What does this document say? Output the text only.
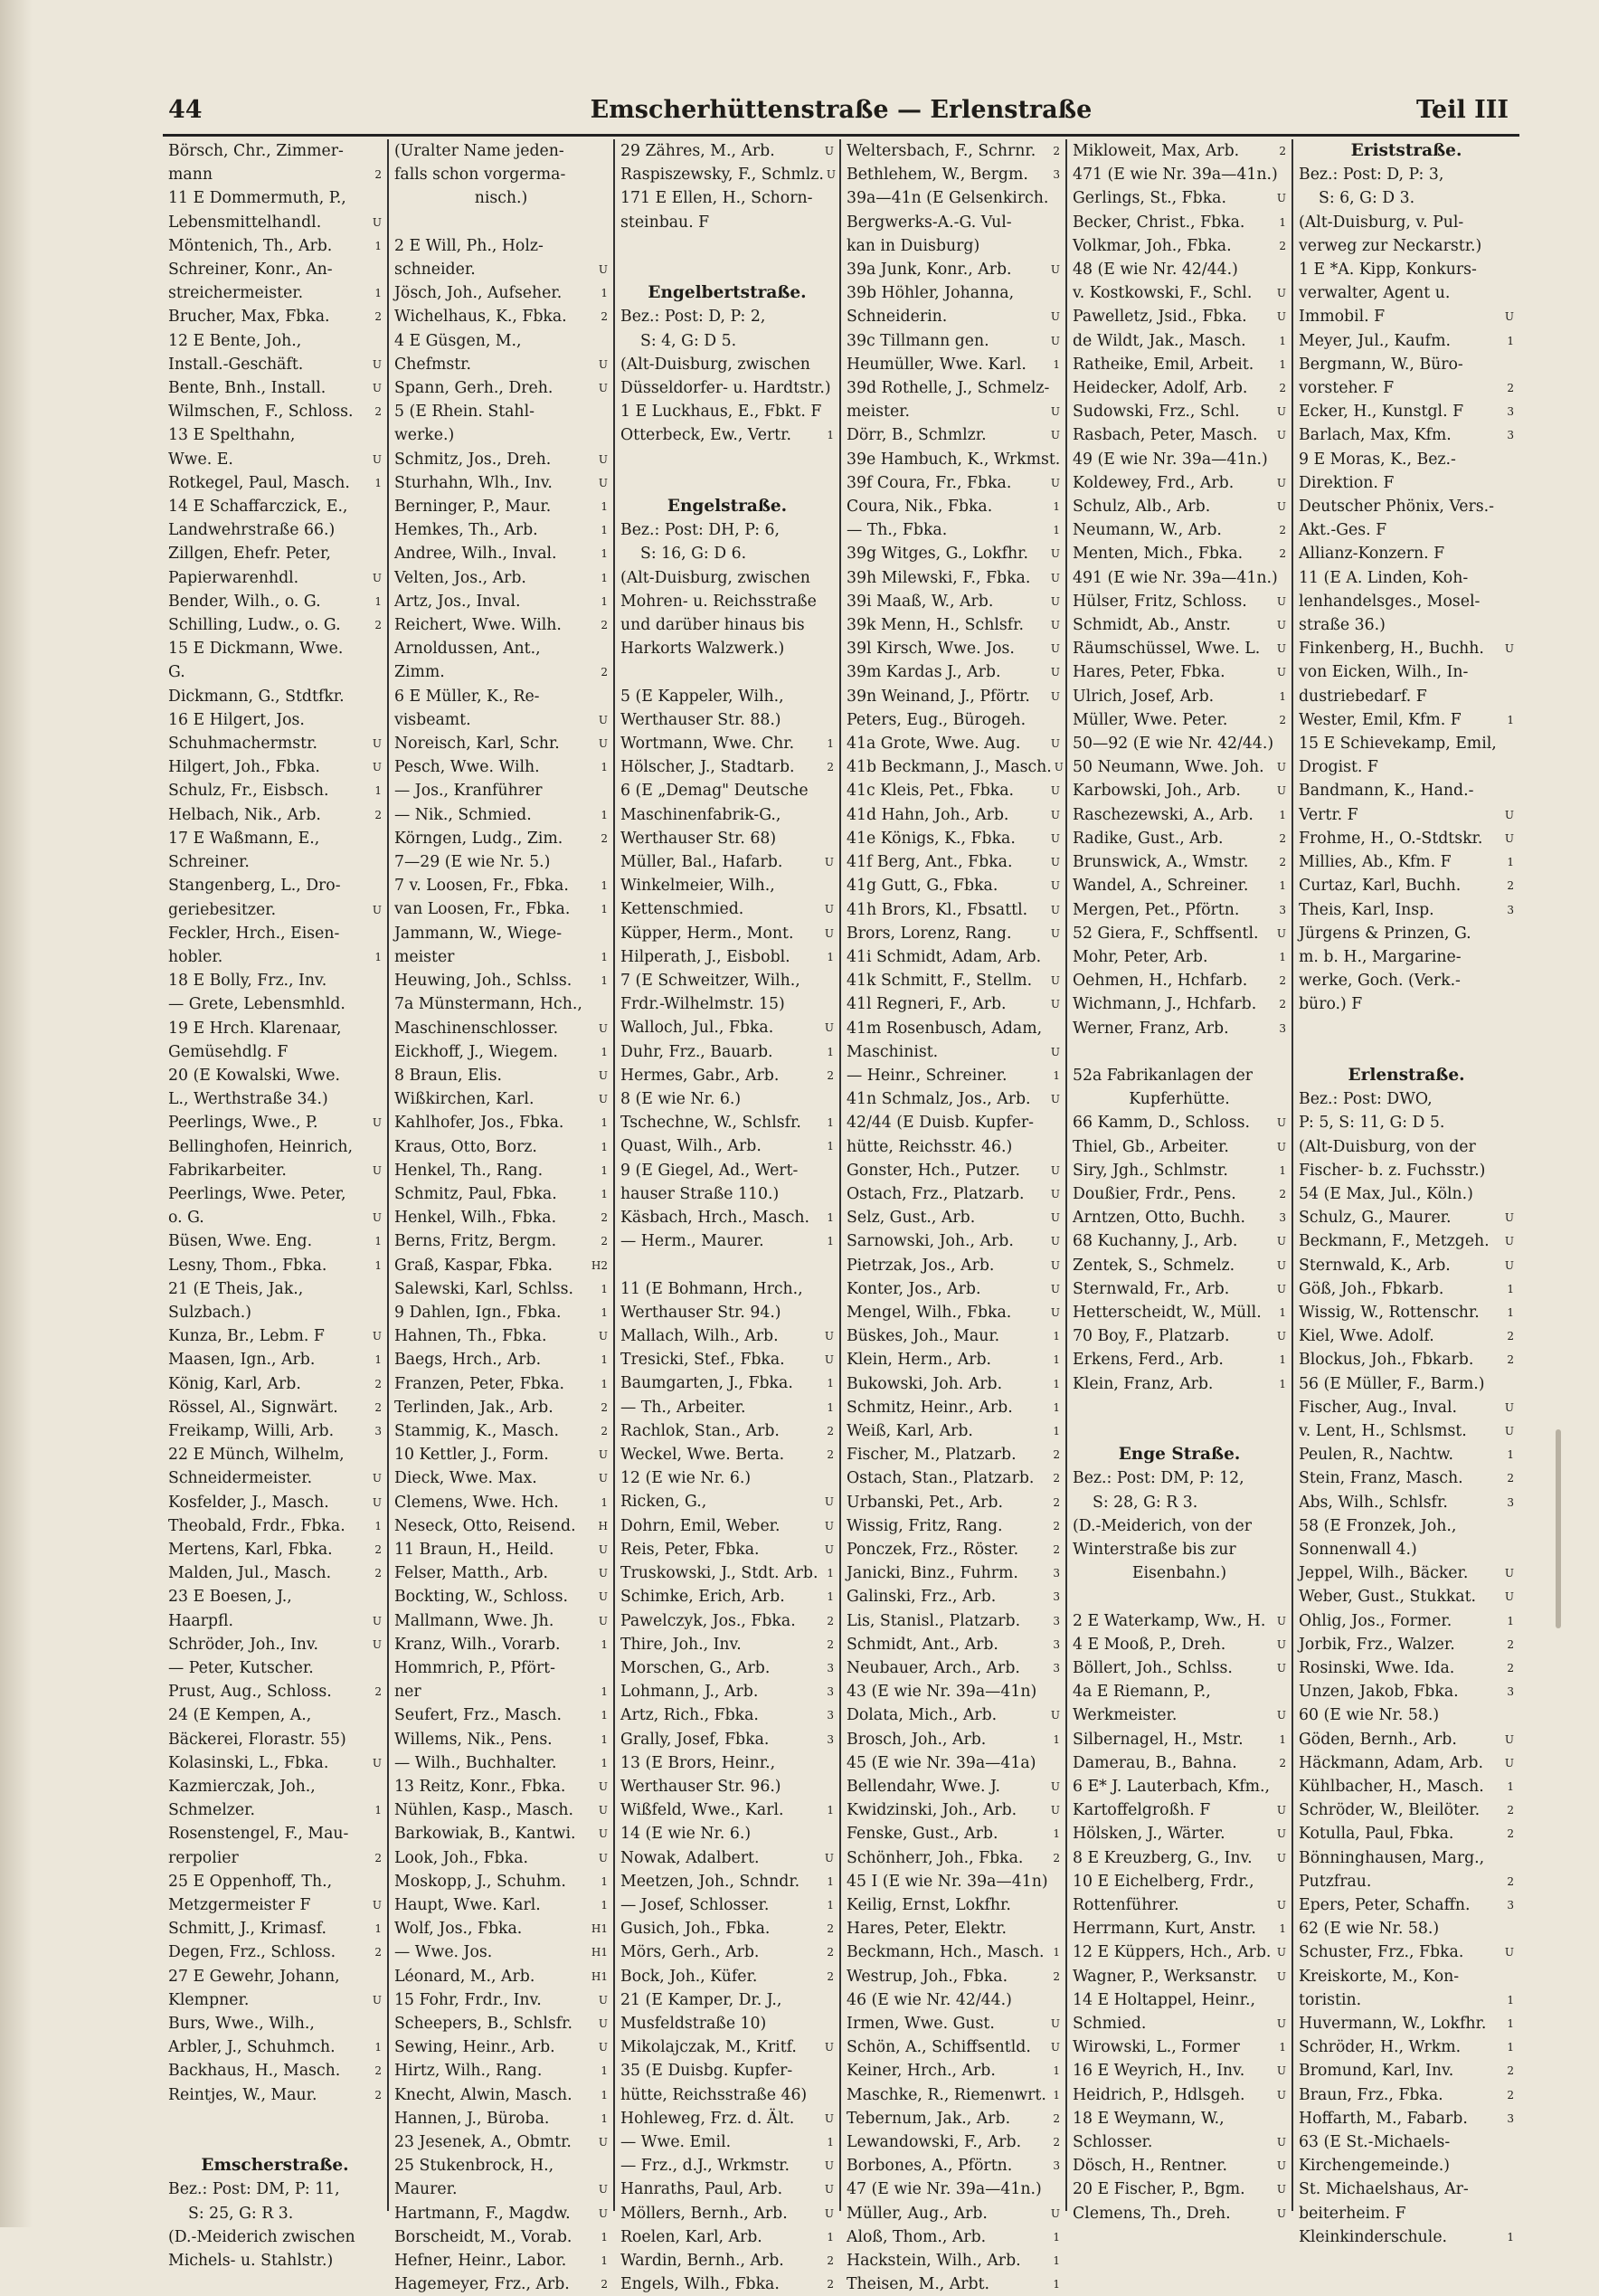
44	Emscherhüttenstraße — Erlenstraße	Teil III
Börsch, Chr., Zimmer-
mann	2
11 E Dommermuth, P.,
Lebensmittelhandl.	U
Möntenich, Th., Arb.	1
Schreiner, Konr., An-
streichermeister.	1
Brucher, Max, Fbka.	2
12 E Bente, Joh.,
Install.-Geschäft.	U
Bente, Bnh., Install.	U
Wilmschen, F., Schloss.	2
13 E Spelthahn,
Wwe. E.	U
Rotkegel, Paul, Masch.	1
14 E Schaffarczick, E.,
Landwehrstraße 66.)
Zillgen, Ehefr. Peter,
Papierwarenhdl.	U
Bender, Wilh., o. G.	1
Schilling, Ludw., o. G.	2
15 E Dickmann, Wwe.
G.
Dickmann, G., Stdtfkr.
16 E Hilgert, Jos.
Schuhmachermstr.	U
Hilgert, Joh., Fbka.	U
Schulz, Fr., Eisbsch.	1
Helbach, Nik., Arb.	2
17 E Waßmann, E.,
Schreiner.
Stangenberg, L., Dro-
geriebesitzer.	U
Feckler, Hrch., Eisen-
hobler.	1
18 E Bolly, Frz., Inv.
— Grete, Lebensmhld.
19 E Hrch. Klarenaar,
Gemüsehdlg. F
20 (E Kowalski, Wwe.
L., Werthstraße 34.)
Peerlings, Wwe., P.	U
Bellinghofen, Heinrich,
Fabrikarbeiter.	U
Peerlings, Wwe. Peter,
o. G.	U
Büsen, Wwe. Eng.	1
Lesny, Thom., Fbka.	1
21 (E Theis, Jak.,
Sulzbach.)
Kunza, Br., Lebm. F	U
Maasen, Ign., Arb.	1
König, Karl, Arb.	2
Rössel, Al., Signwärt.	2
Freikamp, Willi, Arb.	3
22 E Münch, Wilhelm,
Schneidermeister.	U
Kosfelder, J., Masch.	U
Theobald, Frdr., Fbka.	1
Mertens, Karl, Fbka.	2
Malden, Jul., Masch.	2
23 E Boesen, J.,
Haarpfl.	U
Schröder, Joh., Inv.	U
— Peter, Kutscher.
Prust, Aug., Schloss.	2
24 (E Kempen, A.,
Bäckerei, Florastr. 55)
Kolasinski, L., Fbka.	U
Kazmierczak, Joh.,
Schmelzer.	1
Rosenstengel, F., Mau-
rerpolier	2
25 E Oppenhoff, Th.,
Metzgermeister F	U
Schmitt, J., Krimasf.	1
Degen, Frz., Schloss.	2
27 E Gewehr, Johann,
Klempner.	U
Burs, Wwe., Wilh.,
Arbler, J., Schuhmch.	1
Backhaus, H., Masch.	2
Reintjes, W., Maur.	2
Emscherstraße.
Bez.: Post: DM, P: 11,
S: 25, G: R 3.
(D.-Meiderich zwischen
Michels- u. Stahlstr.)
(Uralter Name jeden-
falls schon vorgerma-
nisch.)
2 E Will, Ph., Holz-
schneider.	U
Jösch, Joh., Aufseher.	1
Wichelhaus, K., Fbka.	2
4 E Güsgen, M.,
Chefmstr.	U
Spann, Gerh., Dreh.	U
5 (E Rhein. Stahl-
werke.)
Schmitz, Jos., Dreh.	U
Sturhahn, Wlh., Inv.	U
Berninger, P., Maur.	1
Hemkes, Th., Arb.	1
Andree, Wilh., Inval.	1
Velten, Jos., Arb.	1
Artz, Jos., Inval.	1
Reichert, Wwe. Wilh.	2
Arnoldussen, Ant.,
Zimm.	2
6 E Müller, K., Re-
visbeamt.	U
Noreisch, Karl, Schr.	U
Pesch, Wwe. Wilh.	1
— Jos., Kranführer
— Nik., Schmied.	1
Körngen, Ludg., Zim.	2
7—29 (E wie Nr. 5.)
7 v. Loosen, Fr., Fbka.	1
van Loosen, Fr., Fbka.	1
Jammann, W., Wiege-
meister	1
Heuwing, Joh., Schlss.	1
7a Münstermann, Hch.,
Maschinenschlosser.	U
Eickhoff, J., Wiegem.	1
8 Braun, Elis.	U
Wißkirchen, Karl.	U
Kahlhofer, Jos., Fbka.	1
Kraus, Otto, Borz.	1
Henkel, Th., Rang.	1
Schmitz, Paul, Fbka.	1
Henkel, Wilh., Fbka.	2
Berns, Fritz, Bergm.	2
Graß, Kaspar, Fbka.	H2
Salewski, Karl, Schlss.	1
9 Dahlen, Ign., Fbka.	1
Hahnen, Th., Fbka.	U
Baegs, Hrch., Arb.	1
Franzen, Peter, Fbka.	1
Terlinden, Jak., Arb.	2
Stammig, K., Masch.	2
10 Kettler, J., Form.	U
Dieck, Wwe. Max.	U
Clemens, Wwe. Hch.	1
Neseck, Otto, Reisend.	H
11 Braun, H., Heild.	U
Felser, Matth., Arb.	U
Bockting, W., Schloss.	U
Mallmann, Wwe. Jh.	U
Kranz, Wilh., Vorarb.	1
Hommrich, P., Pfört-
ner	1
Seufert, Frz., Masch.	1
Willems, Nik., Pens.	1
— Wilh., Buchhalter.	1
13 Reitz, Konr., Fbka.	U
Nühlen, Kasp., Masch.	U
Barkowiak, B., Kantwi.	U
Look, Joh., Fbka.	U
Moskopp, J., Schuhm.	1
Haupt, Wwe. Karl.	1
Wolf, Jos., Fbka.	H1
— Wwe. Jos.	H1
Léonard, M., Arb.	H1
15 Fohr, Frdr., Inv.	U
Scheepers, B., Schlsfr.	U
Sewing, Heinr., Arb.	U
Hirtz, Wilh., Rang.	1
Knecht, Alwin, Masch.	1
Hannen, J., Büroba.	1
23 Jesenek, A., Obmtr.	U
25 Stukenbrock, H.,
Maurer.	U
Hartmann, F., Magdw.	U
Borscheidt, M., Vorab.	1
Hefner, Heinr., Labor.	1
Hagemeyer, Frz., Arb.	2
29 Zähres, M., Arb.	U
Raspiszewsky, F., Schmlz. U
171 E Ellen, H., Schorn-
steinbau. F
Engelbertstraße.
Bez.: Post: D, P: 2,
S: 4, G: D 5.
(Alt-Duisburg, zwischen
Düsseldorfer- u. Hardtstr.)
1 E Luckhaus, E., Fbkt. F
Otterbeck, Ew., Vertr.	1
Engelstraße.
Bez.: Post: DH, P: 6,
S: 16, G: D 6.
(Alt-Duisburg, zwischen
Mohren- u. Reichsstraße
und darüber hinaus bis
Harkorts Walzwerk.)
5 (E Kappeler, Wilh.,
Werthauser Str. 88.)
Wortmann, Wwe. Chr.	1
Hölscher, J., Stadtarb.	2
6 (E „Demag" Deutsche
Maschinenfabrik-G.,
Werthauser Str. 68)
Müller, Bal., Hafarb.	U
Winkelmeier, Wilh.,
Kettenschmied.	U
Küpper, Herm., Mont.	U
Hilperath, J., Eisbobl.	1
7 (E Schweitzer, Wilh.,
Frdr.-Wilhelmstr. 15)
Walloch, Jul., Fbka.	U
Duhr, Frz., Bauarb.	1
Hermes, Gabr., Arb.	2
8 (E wie Nr. 6.)
Tschechne, W., Schlsfr.	1
Quast, Wilh., Arb.	1
9 (E Giegel, Ad., Wert-
hauser Straße 110.)
Käsbach, Hrch., Masch.	1
— Herm., Maurer.	1
11 (E Bohmann, Hrch.,
Werthauser Str. 94.)
Mallach, Wilh., Arb.	U
Tresicki, Stef., Fbka.	U
Baumgarten, J., Fbka.	1
— Th., Arbeiter.	1
Rachlok, Stan., Arb.	2
Weckel, Wwe. Berta.	2
12 (E wie Nr. 6.)
Ricken, G.,	U
Dohrn, Emil, Weber.	U
Reis, Peter, Fbka.	U
Truskowski, J., Stdt. Arb. 1
Schimke, Erich, Arb.	1
Pawelczyk, Jos., Fbka.	2
Thire, Joh., Inv.	2
Morschen, G., Arb.	3
Lohmann, J., Arb.	3
Artz, Rich., Fbka.	3
Grally, Josef, Fbka.	3
13 (E Brors, Heinr.,
Werthauser Str. 96.)
Wißfeld, Wwe., Karl.	1
14 (E wie Nr. 6.)
Nowak, Adalbert.	U
Meetzen, Joh., Schndr.	1
— Josef, Schlosser.	1
Gusich, Joh., Fbka.	2
Mörs, Gerh., Arb.	2
Bock, Joh., Küfer.	2
21 (E Kamper, Dr. J.,
Musfeldstraße 10)
Mikolajczak, M., Kritf.	U
35 (E Duisbg. Kupfer-
hütte, Reichsstraße 46)
Hohleweg, Frz. d. Ält.	U
— Wwe. Emil.	1
— Frz., d.J., Wrkmstr.	U
Hanraths, Paul, Arb.	U
Möllers, Bernh., Arb.	U
Roelen, Karl, Arb.	1
Wardin, Bernh., Arb.	2
Engels, Wilh., Fbka.	2
Weltersbach, F., Schrnr.	2
Bethlehem, W., Bergm.	3
39a—41n (E Gelsenkirch.
Bergwerks-A.-G. Vul-
kan in Duisburg)
39a Junk, Konr., Arb.	U
39b Höhler, Johanna,
Schneiderin.	U
39c Tillmann gen.	U
Heumüller, Wwe. Karl.	1
39d Rothelle, J., Schmelz-
meister.	U
Dörr, B., Schmlzr.	U
39e Hambuch, K., Wrkmst.
39f Coura, Fr., Fbka.	U
Coura, Nik., Fbka.	1
— Th., Fbka.	1
39g Witges, G., Lokfhr.	U
39h Milewski, F., Fbka.	U
39i Maaß, W., Arb.	U
39k Menn, H., Schlsfr.	U
39l Kirsch, Wwe. Jos.	U
39m Kardas J., Arb.	U
39n Weinand, J., Pförtr.	U
Peters, Eug., Bürogeh.
41a Grote, Wwe. Aug.	U
41b Beckmann, J., Masch. U
41c Kleis, Pet., Fbka.	U
41d Hahn, Joh., Arb.	U
41e Königs, K., Fbka.	U
41f Berg, Ant., Fbka.	U
41g Gutt, G., Fbka.	U
41h Brors, Kl., Fbsattl.	U
Brors, Lorenz, Rang.	U
41i Schmidt, Adam, Arb.
41k Schmitt, F., Stellm.	U
41l Regneri, F., Arb.	U
41m Rosenbusch, Adam,
Maschinist.	U
— Heinr., Schreiner.	1
41n Schmalz, Jos., Arb.	U
42/44 (E Duisb. Kupfer-
hütte, Reichsstr. 46.)
Gonster, Hch., Putzer.	U
Ostach, Frz., Platzarb.	U
Selz, Gust., Arb.	U
Sarnowski, Joh., Arb.	U
Pietrzak, Jos., Arb.	U
Konter, Jos., Arb.	U
Mengel, Wilh., Fbka.	U
Büskes, Joh., Maur.	1
Klein, Herm., Arb.	1
Bukowski, Joh. Arb.	1
Schmitz, Heinr., Arb.	1
Weiß, Karl, Arb.	1
Fischer, M., Platzarb.	2
Ostach, Stan., Platzarb.	2
Urbanski, Pet., Arb.	2
Wissig, Fritz, Rang.	2
Ponczek, Frz., Röster.	2
Janicki, Binz., Fuhrm.	3
Galinski, Frz., Arb.	3
Lis, Stanisl., Platzarb.	3
Schmidt, Ant., Arb.	3
Neubauer, Arch., Arb.	3
43 (E wie Nr. 39a—41n)
Dolata, Mich., Arb.	U
Brosch, Joh., Arb.	1
45 (E wie Nr. 39a—41a)
Bellendahr, Wwe. J.	U
Kwidzinski, Joh., Arb.	U
Fenske, Gust., Arb.	1
Schönherr, Joh., Fbka.	2
45 I (E wie Nr. 39a—41n)
Keilig, Ernst, Lokfhr.
Hares, Peter, Elektr.
Beckmann, Hch., Masch. 1
Westrup, Joh., Fbka.	2
46 (E wie Nr. 42/44.)
Irmen, Wwe. Gust.	U
Schön, A., Schiffsentld.	U
Keiner, Hrch., Arb.	1
Maschke, R., Riemenwrt. 1
Tebernum, Jak., Arb.	2
Lewandowski, F., Arb.	2
Borbones, A., Pförtn.	3
47 (E wie Nr. 39a—41n.)
Müller, Aug., Arb.	U
Aloß, Thom., Arb.	1
Hackstein, Wilh., Arb.	1
Theisen, M., Arbt.	1
Mikloweit, Max, Arb.	2
471 (E wie Nr. 39a—41n.)
Gerlings, St., Fbka.	U
Becker, Christ., Fbka.	1
Volkmar, Joh., Fbka.	2
48 (E wie Nr. 42/44.)
v. Kostkowski, F., Schl.	U
Pawelletz, Jsid., Fbka.	U
de Wildt, Jak., Masch.	1
Ratheike, Emil, Arbeit.	1
Heidecker, Adolf, Arb.	2
Sudowski, Frz., Schl.	U
Rasbach, Peter, Masch.	U
49 (E wie Nr. 39a—41n.)
Koldewey, Frd., Arb.	U
Schulz, Alb., Arb.	U
Neumann, W., Arb.	2
Menten, Mich., Fbka.	2
491 (E wie Nr. 39a—41n.)
Hülser, Fritz, Schloss.	U
Schmidt, Ab., Anstr.	U
Räumschüssel, Wwe. L.	U
Hares, Peter, Fbka.	U
Ulrich, Josef, Arb.	1
Müller, Wwe. Peter.	2
50—92 (E wie Nr. 42/44.)
50 Neumann, Wwe. Joh.	U
Karbowski, Joh., Arb.	U
Raschezewski, A., Arb.	1
Radike, Gust., Arb.	2
Brunswick, A., Wmstr.	2
Wandel, A., Schreiner.	1
Mergen, Pet., Pförtn.	3
52 Giera, F., Schffsentl.	U
Mohr, Peter, Arb.	1
Oehmen, H., Hchfarb.	2
Wichmann, J., Hchfarb.	2
Werner, Franz, Arb.	3
52a Fabrikanlagen der
Kupferhütte.
66 Kamm, D., Schloss.	U
Thiel, Gb., Arbeiter.	U
Siry, Jgh., Schlmstr.	1
Doußier, Frdr., Pens.	2
Arntzen, Otto, Buchh.	3
68 Kuchanny, J., Arb.	U
Zentek, S., Schmelz.	U
Sternwald, Fr., Arb.	U
Hetterscheidt, W., Müll.	1
70 Boy, F., Platzarb.	U
Erkens, Ferd., Arb.	1
Klein, Franz, Arb.	1
Enge Straße.
Bez.: Post: DM, P: 12,
S: 28, G: R 3.
(D.-Meiderich, von der
Winterstraße bis zur
Eisenbahn.)
2 E Waterkamp, Ww., H.	U
4 E Mooß, P., Dreh.	U
Böllert, Joh., Schlss.	U
4a E Riemann, P.,
Werkmeister.	U
Silbernagel, H., Mstr.	1
Damerau, B., Bahna.	2
6 E* J. Lauterbach, Kfm.,
Kartoffelgroßh. F	U
Hölsken, J., Wärter.	U
8 E Kreuzberg, G., Inv.	U
10 E Eichelberg, Frdr.,
Rottenführer.	U
Herrmann, Kurt, Anstr.	1
12 E Küppers, Hch., Arb. U
Wagner, P., Werksanstr.	U
14 E Holtappel, Heinr.,
Schmied.	U
Wirowski, L., Former	1
16 E Weyrich, H., Inv.	U
Heidrich, P., Hdlsgeh.	U
18 E Weymann, W.,
Schlosser.	U
Dösch, H., Rentner.	U
20 E Fischer, P., Bgm.	U
Clemens, Th., Dreh.	U
Eriststraße.
Bez.: Post: D, P: 3,
S: 6, G: D 3.
(Alt-Duisburg, v. Pul-
verweg zur Neckarstr.)
1 E *A. Kipp, Konkurs-
verwalter, Agent u.
Immobil. F	U
Meyer, Jul., Kaufm.	1
Bergmann, W., Büro-
vorsteher. F	2
Ecker, H., Kunstgl. F	3
Barlach, Max, Kfm.	3
9 E Moras, K., Bez.-
Direktion. F
Deutscher Phönix, Vers.-
Akt.-Ges. F
Allianz-Konzern. F
11 (E A. Linden, Koh-
lenhandelsges., Mosel-
straße 36.)
Finkenberg, H., Buchh.	U
von Eicken, Wilh., In-
dustriebedarf. F
Wester, Emil, Kfm. F	1
15 E Schievekamp, Emil,
Drogist. F
Bandmann, K., Hand.-
Vertr. F	U
Frohme, H., O.-Stdtskr.	U
Millies, Ab., Kfm. F	1
Curtaz, Karl, Buchh.	2
Theis, Karl, Insp.	3
Jürgens & Prinzen, G.
m. b. H., Margarine-
werke, Goch. (Verk.-
büro.) F
Erlenstraße.
Bez.: Post: DWO,
P: 5, S: 11, G: D 5.
(Alt-Duisburg, von der
Fischer- b. z. Fuchsstr.)
54 (E Max, Jul., Köln.)
Schulz, G., Maurer.	U
Beckmann, F., Metzgeh.	U
Sternwald, K., Arb.	U
Göß, Joh., Fbkarb.	1
Wissig, W., Rottenschr.	1
Kiel, Wwe. Adolf.	2
Blockus, Joh., Fbkarb.	2
56 (E Müller, F., Barm.)
Fischer, Aug., Inval.	U
v. Lent, H., Schlsmst.	U
Peulen, R., Nachtw.	1
Stein, Franz, Masch.	2
Abs, Wilh., Schlsfr.	3
58 (E Fronzek, Joh.,
Sonnenwall 4.)
Jeppel, Wilh., Bäcker.	U
Weber, Gust., Stukkat.	U
Ohlig, Jos., Former.	1
Jorbik, Frz., Walzer.	2
Rosinski, Wwe. Ida.	2
Unzen, Jakob, Fbka.	3
60 (E wie Nr. 58.)
Göden, Bernh., Arb.	U
Häckmann, Adam, Arb.	U
Kühlbacher, H., Masch.	1
Schröder, W., Bleilöter.	2
Kotulla, Paul, Fbka.	2
Bönninghausen, Marg.,
Putzfrau.	2
Epers, Peter, Schaffn.	3
62 (E wie Nr. 58.)
Schuster, Frz., Fbka.	U
Kreiskorte, M., Kon-
toristin.	1
Huvermann, W., Lokfhr.	1
Schröder, H., Wrkm.	1
Bromund, Karl, Inv.	2
Braun, Frz., Fbka.	2
Hoffarth, M., Fabarb.	3
63 (E St.-Michaels-
Kirchengemeinde.)
St. Michaelshaus, Ar-
beiterheim. F
Kleinkinderschule.	1
